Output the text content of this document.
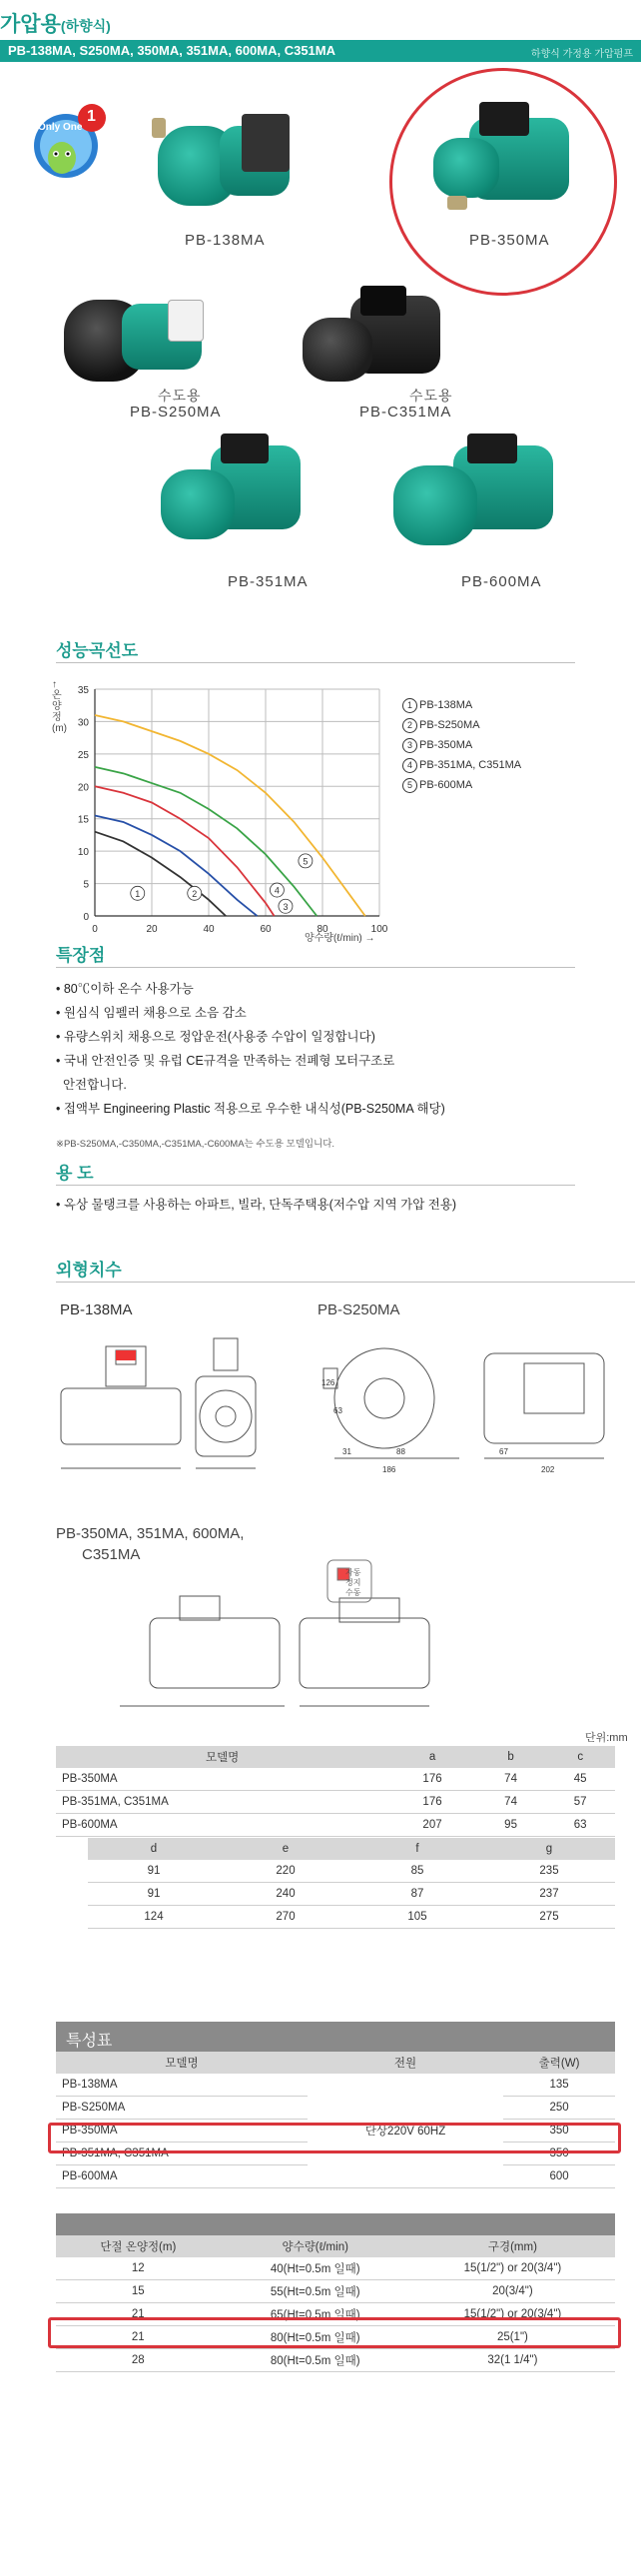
가압용(하향식)
PB-138MA, S250MA, 350MA, 351MA, 600MA, C351MA	하향식 가정용 가압펌프
Only One
1
PB-138MA	PB-350MA
수도용
PB-S250MA
수도용
PB-C351MA
PB-351MA	PB-600MA
성능곡선도
0	20	40	60	80	100
0
5
10
15
20
25
30
35
1	2
3
4
5
↑ 온양정 (m)
양수량(ℓ/min) →
1 PB-138MA
2 PB-S250MA
3 PB-350MA
4 PB-351MA, C351MA
5 PB-600MA
특장점
• 80℃이하 온수 사용가능
• 원심식 임펠러 채용으로 소음 감소
• 유량스위치 채용으로 정압운전(사용중 수압이 일정합니다)
• 국내 안전인증 및 유럽 CE규격을 만족하는 전폐형 모터구조로
안전합니다.
• 접액부 Engineering Plastic 적용으로 우수한 내식성(PB-S250MA 해당)
※PB-S250MA,-C350MA,-C351MA,-C600MA는 수도용 모델입니다.
용 도
• 옥상 물탱크를 사용하는 아파트, 빌라, 단독주택용(저수압 지역 가압 전용)
외형치수
PB-138MA	PB-S250MA
126
63
31	88
186
67
202
PB-350MA, 351MA, 600MA,
C351MA
자동 정지 수동
단위:mm
모델명	a	b	c
PB-350MA	176	74	45
PB-351MA, C351MA	176	74	57
PB-600MA	207	95	63
d	e	f	g
91	220	85	235
91	240	87	237
124	270	105	275
특성표
모델명	전원	출력(W)
PB-138MA	단상220V 60HZ	135
PB-S250MA		250
PB-350MA		350
PB-351MA, C351MA		350
PB-600MA		600
단절 온양정(m)	양수량(ℓ/min)	구경(mm)
12	40(Ht=0.5m 일때)	15(1/2") or 20(3/4")
15	55(Ht=0.5m 일때)	20(3/4")
21	65(Ht=0.5m 일때)	15(1/2") or 20(3/4")
21	80(Ht=0.5m 일때)	25(1")
28	80(Ht=0.5m 일때)	32(1 1/4")
